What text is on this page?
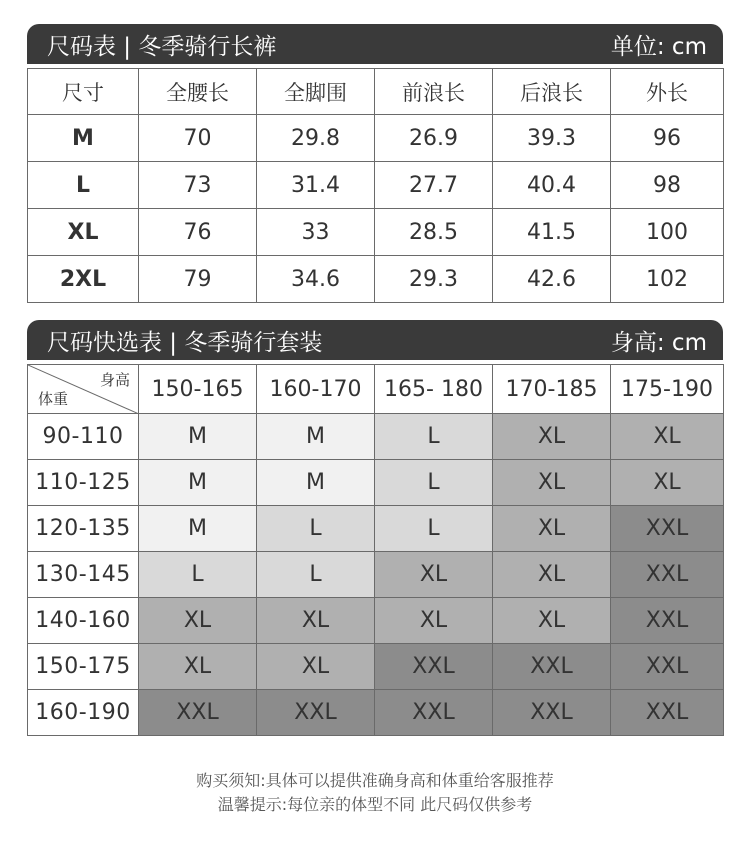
尺码表 | 冬季骑行长裤	单位: cm
尺寸	全腰长	全脚围	前浪长	后浪长	外长
M	70	29.8	26.9	39.3	96
L	73	31.4	27.7	40.4	98
XL	76	33	28.5	41.5	100
2XL	79	34.6	29.3	42.6	102
尺码快选表 | 冬季骑行套装	身高: cm
身高
体重	150-165	160-170	165- 180	170-185	175-190
90-110	M	M	L	XL	XL
110-125	M	M	L	XL	XL
120-135	M	L	L	XL	XXL
130-145	L	L	XL	XL	XXL
140-160	XL	XL	XL	XL	XXL
150-175	XL	XL	XXL	XXL	XXL
160-190	XXL	XXL	XXL	XXL	XXL
购买须知:具体可以提供准确身高和体重给客服推荐
温馨提示:每位亲的体型不同 此尺码仅供参考
